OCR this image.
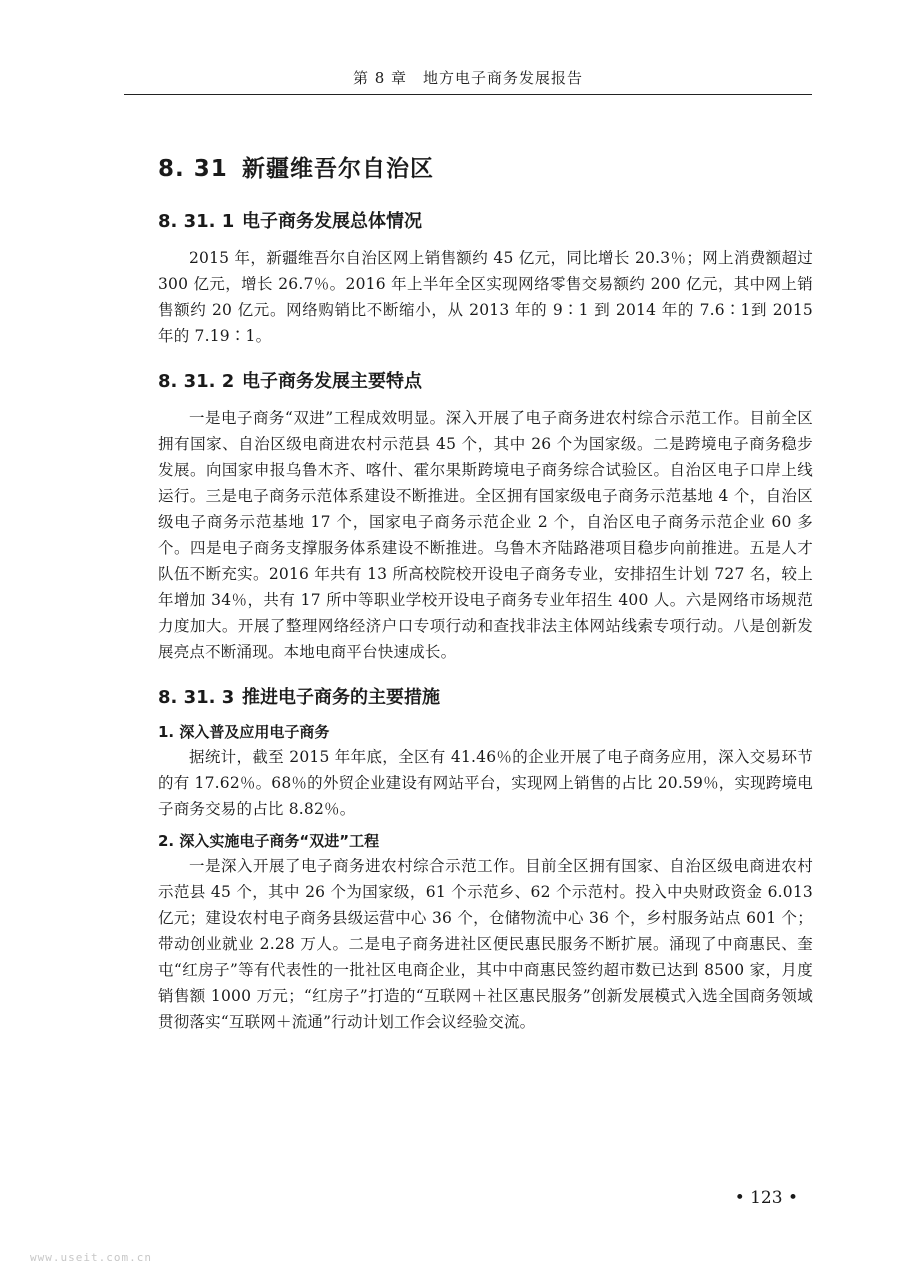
第 8 章　地方电子商务发展报告
8. 31 新疆维吾尔自治区
8. 31. 1 电子商务发展总体情况

2015 年，新疆维吾尔自治区网上销售额约 45 亿元，同比增长 20.3％；网上消费额超过 300 亿元，增长 26.7％。2016 年上半年全区实现网络零售交易额约 200 亿元，其中网上销售额约 20 亿元。网络购销比不断缩小，从 2013 年的 9∶1 到 2014 年的 7.6∶1到 2015 年的 7.19∶1。

8. 31. 2 电子商务发展主要特点

一是电子商务“双进”工程成效明显。深入开展了电子商务进农村综合示范工作。目前全区拥有国家、自治区级电商进农村示范县 45 个，其中 26 个为国家级。二是跨境电子商务稳步发展。向国家申报乌鲁木齐、喀什、霍尔果斯跨境电子商务综合试验区。自治区电子口岸上线运行。三是电子商务示范体系建设不断推进。全区拥有国家级电子商务示范基地 4 个，自治区级电子商务示范基地 17 个，国家电子商务示范企业 2 个，自治区电子商务示范企业 60 多个。四是电子商务支撑服务体系建设不断推进。乌鲁木齐陆路港项目稳步向前推进。五是人才队伍不断充实。2016 年共有 13 所高校院校开设电子商务专业，安排招生计划 727 名，较上年增加 34％，共有 17 所中等职业学校开设电子商务专业年招生 400 人。六是网络市场规范力度加大。开展了整理网络经济户口专项行动和查找非法主体网站线索专项行动。八是创新发展亮点不断涌现。本地电商平台快速成长。

8. 31. 3 推进电子商务的主要措施
1. 深入普及应用电子商务

据统计，截至 2015 年年底，全区有 41.46％的企业开展了电子商务应用，深入交易环节的有 17.62％。68％的外贸企业建设有网站平台，实现网上销售的占比 20.59％，实现跨境电子商务交易的占比 8.82％。

2. 深入实施电子商务“双进”工程

一是深入开展了电子商务进农村综合示范工作。目前全区拥有国家、自治区级电商进农村示范县 45 个，其中 26 个为国家级，61 个示范乡、62 个示范村。投入中央财政资金 6.013 亿元；建设农村电子商务县级运营中心 36 个，仓储物流中心 36 个，乡村服务站点 601 个；带动创业就业 2.28 万人。二是电子商务进社区便民惠民服务不断扩展。涌现了中商惠民、奎屯“红房子”等有代表性的一批社区电商企业，其中中商惠民签约超市数已达到 8500 家，月度销售额 1000 万元；“红房子”打造的“互联网＋社区惠民服务”创新发展模式入选全国商务领域贯彻落实“互联网＋流通”行动计划工作会议经验交流。

• 123 •
www.useit.com.cn
